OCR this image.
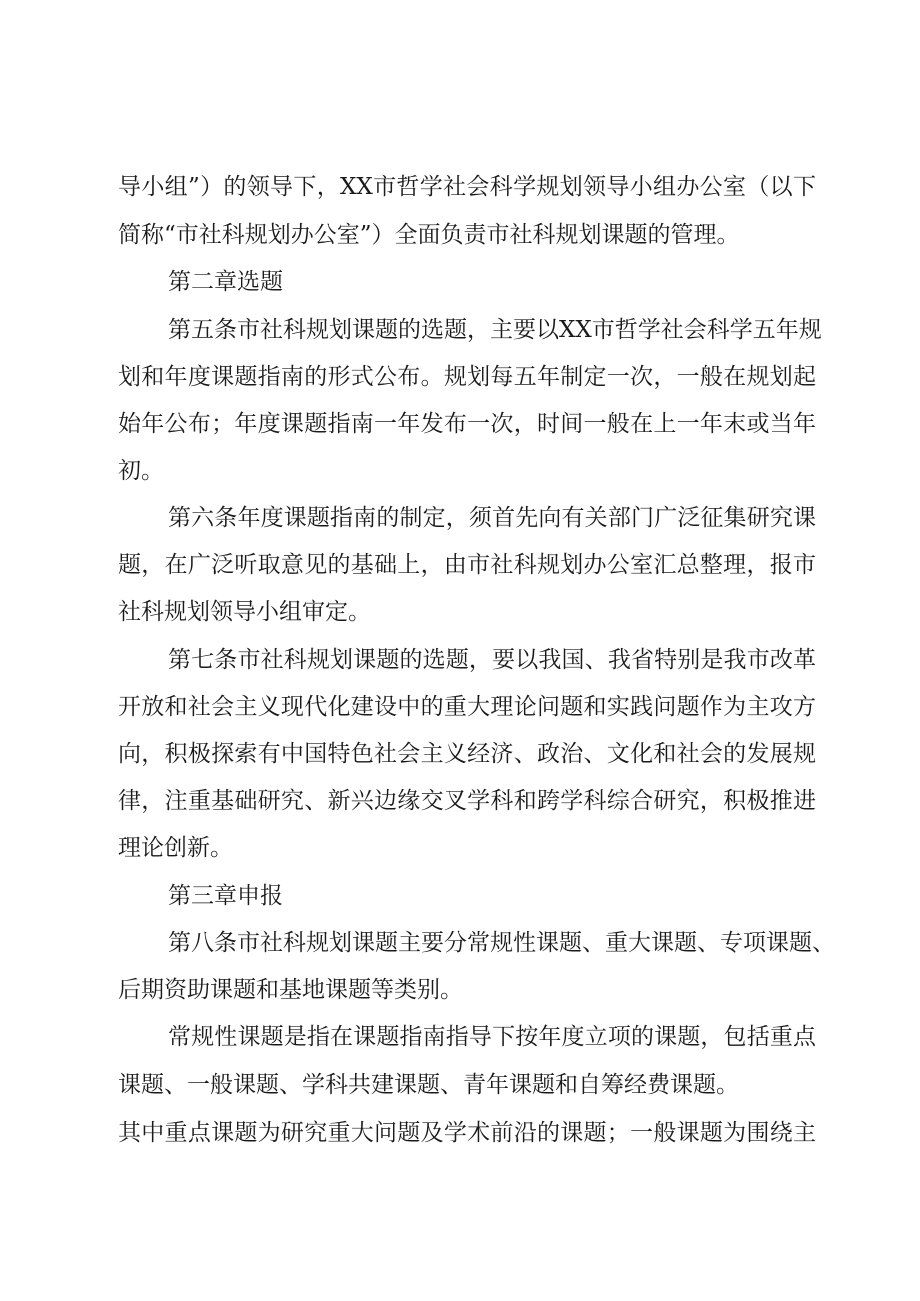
导小组”）的领导下，XX市哲学社会科学规划领导小组办公室（以下
简称“市社科规划办公室”）全面负责市社科规划课题的管理。
第二章选题
第五条市社科规划课题的选题，主要以XX市哲学社会科学五年规
划和年度课题指南的形式公布。规划每五年制定一次，一般在规划起
始年公布；年度课题指南一年发布一次，时间一般在上一年末或当年
初。
第六条年度课题指南的制定，须首先向有关部门广泛征集研究课
题，在广泛听取意见的基础上，由市社科规划办公室汇总整理，报市
社科规划领导小组审定。
第七条市社科规划课题的选题，要以我国、我省特别是我市改革
开放和社会主义现代化建设中的重大理论问题和实践问题作为主攻方
向，积极探索有中国特色社会主义经济、政治、文化和社会的发展规
律，注重基础研究、新兴边缘交叉学科和跨学科综合研究，积极推进
理论创新。
第三章申报
第八条市社科规划课题主要分常规性课题、重大课题、专项课题、
后期资助课题和基地课题等类别。
常规性课题是指在课题指南指导下按年度立项的课题，包括重点
课题、一般课题、学科共建课题、青年课题和自筹经费课题。
其中重点课题为研究重大问题及学术前沿的课题；一般课题为围绕主
